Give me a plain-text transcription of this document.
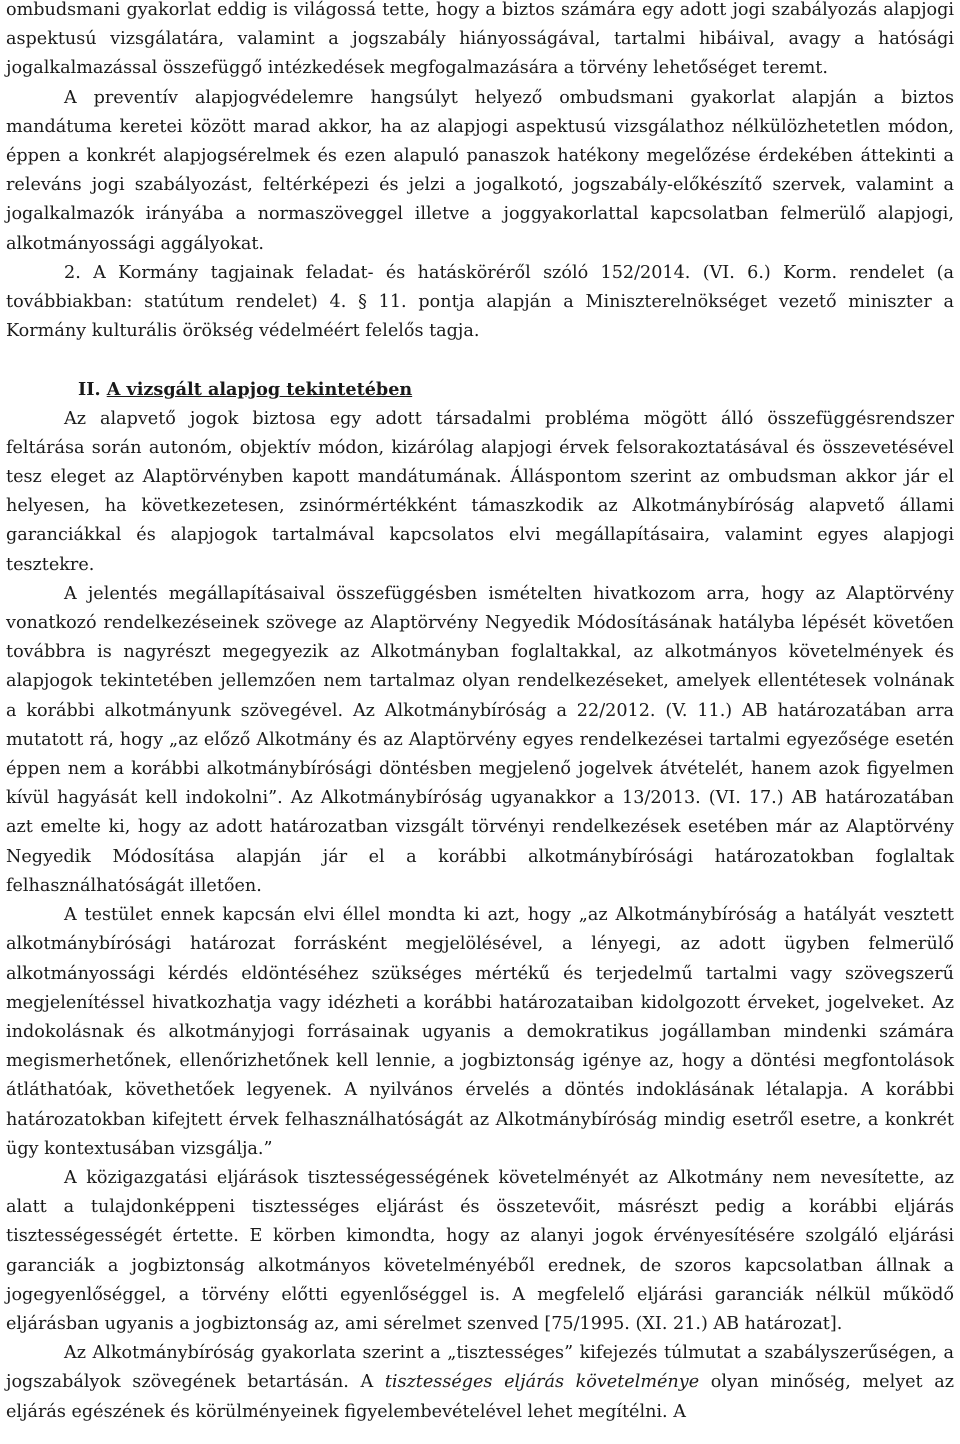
ombudsmani gyakorlat eddig is világossá tette, hogy a biztos számára egy adott jogi szabályozás alapjogi aspektusú vizsgálatára, valamint a jogszabály hiányosságával, tartalmi hibáival, avagy a hatósági jogalkalmazással összefüggő intézkedések megfogalmazására a törvény lehetőséget teremt.

A preventív alapjogvédelemre hangsúlyt helyező ombudsmani gyakorlat alapján a biztos mandátuma keretei között marad akkor, ha az alapjogi aspektusú vizsgálathoz nélkülözhetetlen módon, éppen a konkrét alapjogsérelmek és ezen alapuló panaszok hatékony megelőzése érdekében áttekinti a releváns jogi szabályozást, feltérképezi és jelzi a jogalkotó, jogszabály-előkészítő szervek, valamint a jogalkalmazók irányába a normaszöveggel illetve a joggyakorlattal kapcsolatban felmerülő alapjogi, alkotmányossági aggályokat.

2. A Kormány tagjainak feladat- és hatásköréről szóló 152/2014. (VI. 6.) Korm. rendelet (a továbbiakban: statútum rendelet) 4. § 11. pontja alapján a Miniszterelnökséget vezető miniszter a Kormány kulturális örökség védelméért felelős tagja.

II. A vizsgált alapjog tekintetében

Az alapvető jogok biztosa egy adott társadalmi probléma mögött álló összefüggésrendszer feltárása során autonóm, objektív módon, kizárólag alapjogi érvek felsorakoztatásával és összevetésével tesz eleget az Alaptörvényben kapott mandátumának. Álláspontom szerint az ombudsman akkor jár el helyesen, ha következetesen, zsinórmértékként támaszkodik az Alkotmánybíróság alapvető állami garanciákkal és alapjogok tartalmával kapcsolatos elvi megállapításaira, valamint egyes alapjogi tesztekre.

A jelentés megállapításaival összefüggésben ismételten hivatkozom arra, hogy az Alaptörvény vonatkozó rendelkezéseinek szövege az Alaptörvény Negyedik Módosításának hatályba lépését követően továbbra is nagyrészt megegyezik az Alkotmányban foglaltakkal, az alkotmányos követelmények és alapjogok tekintetében jellemzően nem tartalmaz olyan rendelkezéseket, amelyek ellentétesek volnának a korábbi alkotmányunk szövegével. Az Alkotmánybíróság a 22/2012. (V. 11.) AB határozatában arra mutatott rá, hogy „az előző Alkotmány és az Alaptörvény egyes rendelkezései tartalmi egyezősége esetén éppen nem a korábbi alkotmánybírósági döntésben megjelenő jogelvek átvételét, hanem azok figyelmen kívül hagyását kell indokolni”. Az Alkotmánybíróság ugyanakkor a 13/2013. (VI. 17.) AB határozatában azt emelte ki, hogy az adott határozatban vizsgált törvényi rendelkezések esetében már az Alaptörvény Negyedik Módosítása alapján jár el a korábbi alkotmánybírósági határozatokban foglaltak felhasználhatóságát illetően.

A testület ennek kapcsán elvi éllel mondta ki azt, hogy „az Alkotmánybíróság a hatályát vesztett alkotmánybírósági határozat forrásként megjelölésével, a lényegi, az adott ügyben felmerülő alkotmányossági kérdés eldöntéséhez szükséges mértékű és terjedelmű tartalmi vagy szövegszerű megjelenítéssel hivatkozhatja vagy idézheti a korábbi határozataiban kidolgozott érveket, jogelveket. Az indokolásnak és alkotmányjogi forrásainak ugyanis a demokratikus jogállamban mindenki számára megismerhetőnek, ellenőrizhetőnek kell lennie, a jogbiztonság igénye az, hogy a döntési megfontolások átláthatóak, követhetőek legyenek. A nyilvános érvelés a döntés indoklásának létalapja. A korábbi határozatokban kifejtett érvek felhasználhatóságát az Alkotmánybíróság mindig esetről esetre, a konkrét ügy kontextusában vizsgálja.”

A közigazgatási eljárások tisztességességének követelményét az Alkotmány nem nevesítette, az alatt a tulajdonképpeni tisztességes eljárást és összetevőit, másrészt pedig a korábbi eljárás tisztességességét értette. E körben kimondta, hogy az alanyi jogok érvényesítésére szolgáló eljárási garanciák a jogbiztonság alkotmányos követelményéből erednek, de szoros kapcsolatban állnak a jogegyenlőséggel, a törvény előtti egyenlőséggel is. A megfelelő eljárási garanciák nélkül működő eljárásban ugyanis a jogbiztonság az, ami sérelmet szenved [75/1995. (XI. 21.) AB határozat].

Az Alkotmánybíróság gyakorlata szerint a „tisztességes” kifejezés túlmutat a szabályszerűségen, a jogszabályok szövegének betartásán. A tisztességes eljárás követelménye olyan minőség, melyet az eljárás egészének és körülményeinek figyelembevételével lehet megítélni. A
